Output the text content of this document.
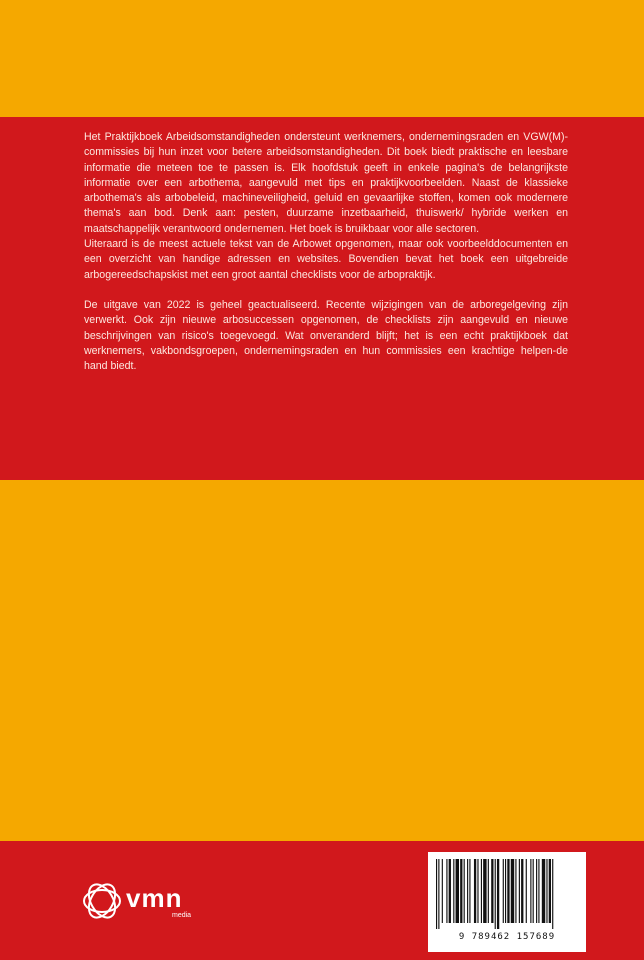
Het Praktijkboek Arbeidsomstandigheden ondersteunt werknemers, ondernemingsraden en VGW(M)-commissies bij hun inzet voor betere arbeidsomstandigheden. Dit boek biedt praktische en leesbare informatie die meteen toe te passen is. Elk hoofdstuk geeft in enkele pagina's de belangrijkste informatie over een arbothema, aangevuld met tips en praktijkvoorbeelden. Naast de klassieke arbothema's als arbobeleid, machineveiligheid, geluid en gevaarlijke stoffen, komen ook modernere thema's aan bod. Denk aan: pesten, duurzame inzetbaarheid, thuiswerk/ hybride werken en maatschappelijk verantwoord ondernemen. Het boek is bruikbaar voor alle sectoren.

Uiteraard is de meest actuele tekst van de Arbowet opgenomen, maar ook voorbeelddocumenten en een overzicht van handige adressen en websites. Bovendien bevat het boek een uitgebreide arbogereedschapskist met een groot aantal checklists voor de arbopraktijk.

De uitgave van 2022 is geheel geactualiseerd. Recente wijzigingen van de arboregelgeving zijn verwerkt. Ook zijn nieuwe arbosuccessen opgenomen, de checklists zijn aangevuld en nieuwe beschrijvingen van risico's toegevoegd. Wat onveranderd blijft; het is een echt praktijkboek dat werknemers, vakbondsgroepen, ondernemingsraden en hun commissies een krachtige helpen-de hand biedt.

vmn
media
9 789462 157689
